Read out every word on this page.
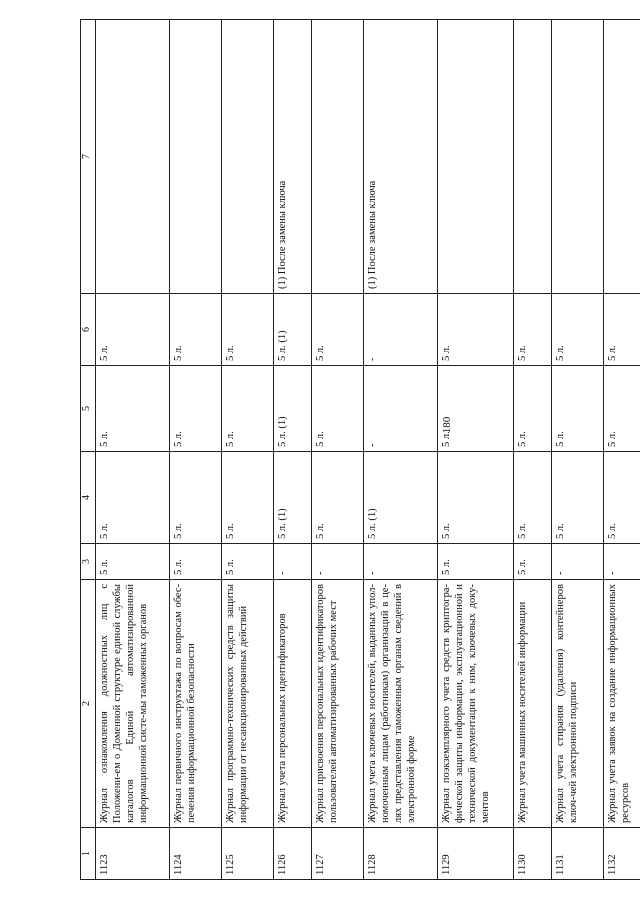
180
1	2	3	4	5	6	7
1123	Журнал ознакомления должностных лиц с Положени-ем о Доменной структуре единой службы каталогов Единой автоматизированной информационной систе-мы таможенных органов	5 л.	5 л.	5 л.	5 л.	
1124	Журнал первичного инструктажа по вопросам обес-печения информационной безопасности	5 л.	5 л.	5 л.	5 л.	
1125	Журнал программно-технических средств защиты информации от несанкционированных действий	5 л.	5 л.	5 л.	5 л.	
1126	Журнал учета персональных идентификаторов	-	5 л. (1)	5 л. (1)	5 л. (1)	(1) После замены ключа
1127	Журнал присвоения персональных идентификаторов пользователей автоматизированных рабочих мест	-	5 л.	5 л.	5 л.	
1128	Журнал учета ключевых носителей, выданных упол-номоченным лицам (работникам) организаций в це-лях представления таможенным органам сведений в электронной форме	-	5 л. (1)	-	-	(1) После замены ключа
1129	Журнал поэкземплярного учета средств криптогра-фической защиты информации, эксплуатационной и технической документации к ним, ключевых доку-ментов	5 л.	5 л.	5 л.	5 л.	
1130	Журнал учета машинных носителей информации	5 л.	5 л.	5 л.	5 л.	
1131	Журнал учета стирания (удаления) контейнеров ключ-чей электронной подписи	-	5 л.	5 л.	5 л.	
1132	Журнал учета заявок на создание информационных ресурсов	-	5 л.	5 л.	5 л.	
